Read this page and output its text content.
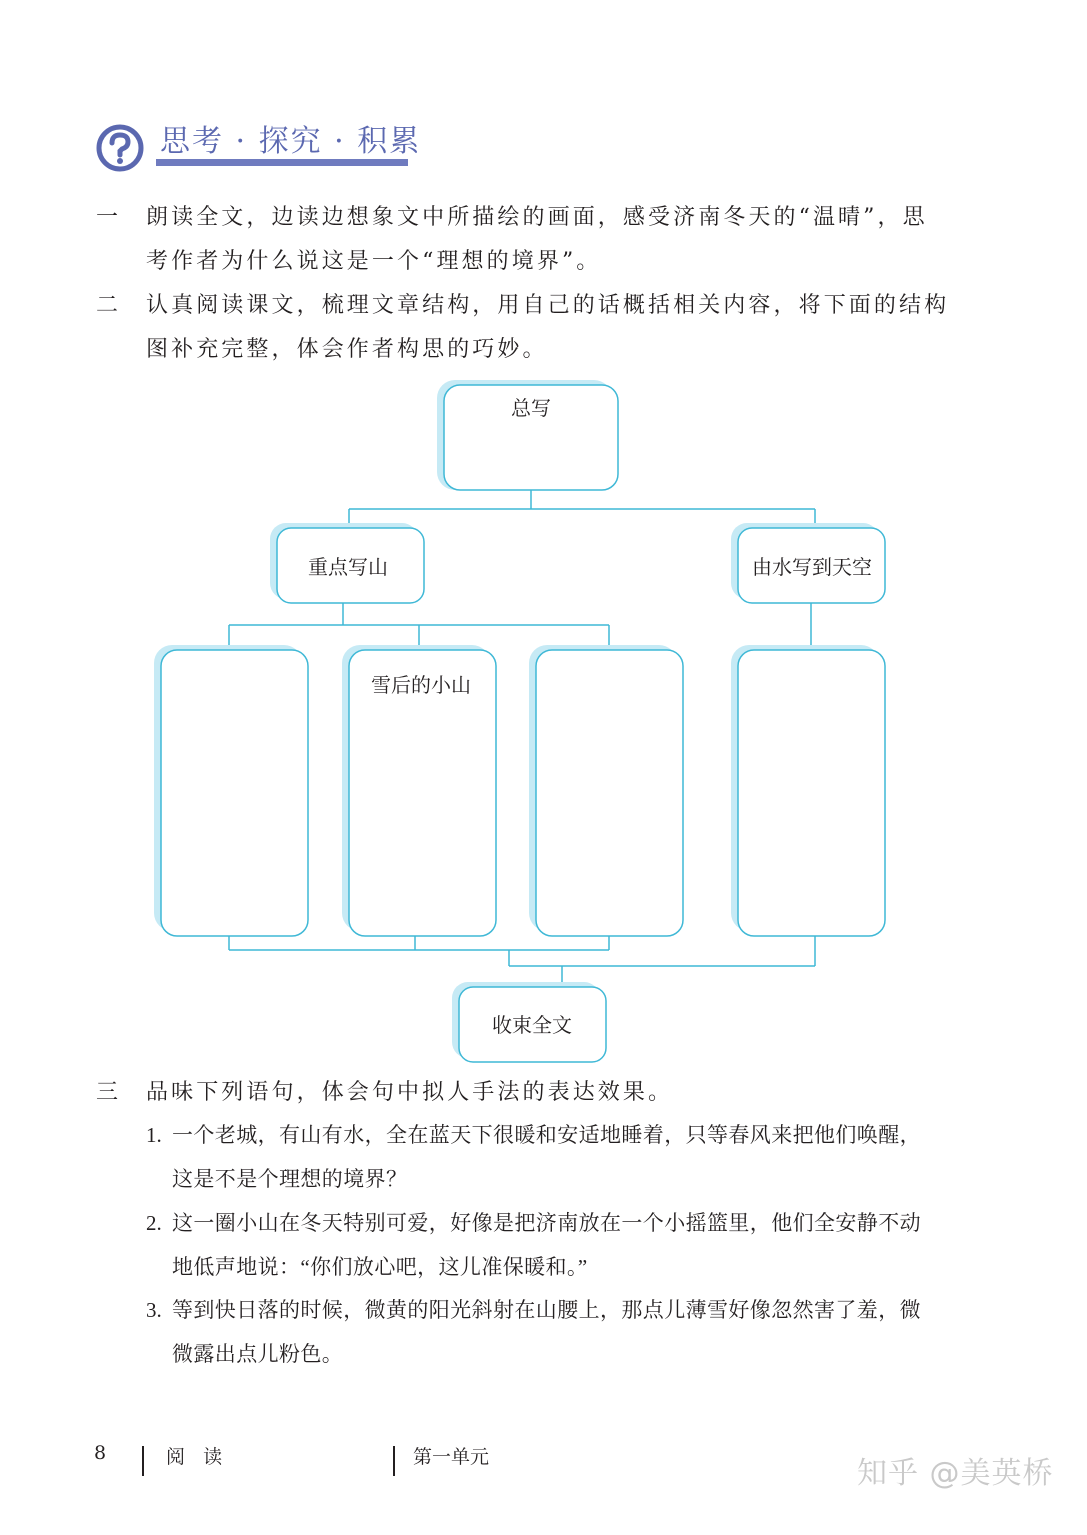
思考 · 探究 · 积累
一 朗读全文，边读边想象文中所描绘的画面，感受济南冬天的“温晴”，思
考作者为什么说这是一个“理想的境界”。
二 认真阅读课文，梳理文章结构，用自己的话概括相关内容，将下面的结构
图补充完整，体会作者构思的巧妙。
总写
重点写山	由水写到天空
雪后的小山
收束全文
三 品味下列语句，体会句中拟人手法的表达效果。
1. 一个老城，有山有水，全在蓝天下很暖和安适地睡着，只等春风来把他们唤醒，
这是不是个理想的境界？
2. 这一圈小山在冬天特别可爱，好像是把济南放在一个小摇篮里，他们全安静不动
地低声地说：“你们放心吧，这儿准保暖和。”
3. 等到快日落的时候，微黄的阳光斜射在山腰上，那点儿薄雪好像忽然害了羞，微
微露出点儿粉色。
8	阅  读	第一单元	知乎 @美英桥
